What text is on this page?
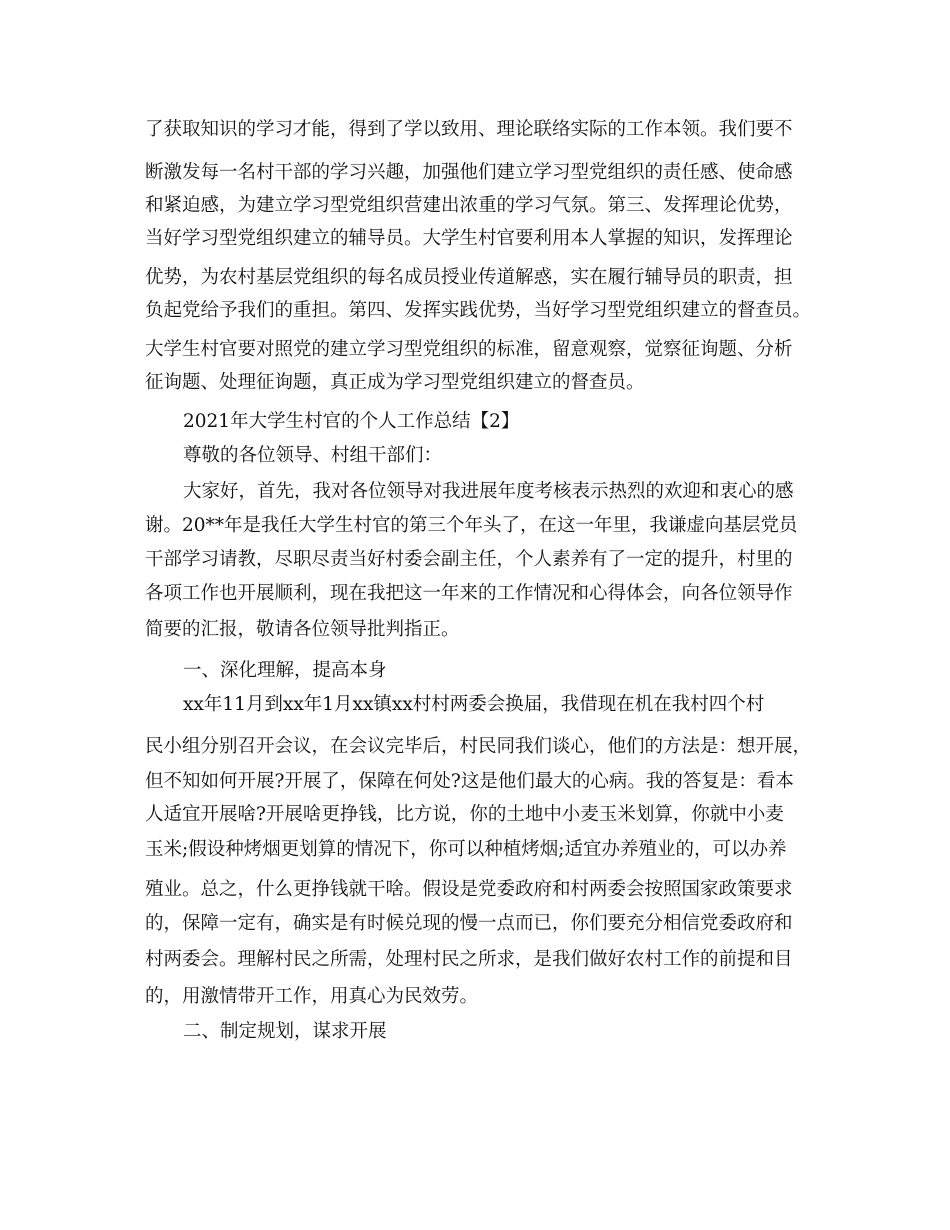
了获取知识的学习才能，得到了学以致用、理论联络实际的工作本领。我们要不
断激发每一名村干部的学习兴趣，加强他们建立学习型党组织的责任感、使命感
和紧迫感，为建立学习型党组织营建出浓重的学习气氛。第三、发挥理论优势，
当好学习型党组织建立的辅导员。大学生村官要利用本人掌握的知识，发挥理论
优势，为农村基层党组织的每名成员授业传道解惑，实在履行辅导员的职责，担
负起党给予我们的重担。第四、发挥实践优势，当好学习型党组织建立的督查员。
大学生村官要对照党的建立学习型党组织的标准，留意观察，觉察征询题、分析
征询题、处理征询题，真正成为学习型党组织建立的督查员。
2021年大学生村官的个人工作总结【2】
尊敬的各位领导、村组干部们：
大家好，首先，我对各位领导对我进展年度考核表示热烈的欢迎和衷心的感
谢。20**年是我任大学生村官的第三个年头了，在这一年里，我谦虚向基层党员
干部学习请教，尽职尽责当好村委会副主任，个人素养有了一定的提升，村里的
各项工作也开展顺利，现在我把这一年来的工作情况和心得体会，向各位领导作
简要的汇报，敬请各位领导批判指正。
一、深化理解，提高本身
xx年11月到xx年1月xx镇xx村村两委会换届，我借现在机在我村四个村
民小组分别召开会议，在会议完毕后，村民同我们谈心，他们的方法是：想开展，
但不知如何开展?开展了，保障在何处?这是他们最大的心病。我的答复是：看本
人适宜开展啥?开展啥更挣钱，比方说，你的土地中小麦玉米划算，你就中小麦
玉米;假设种烤烟更划算的情况下，你可以种植烤烟;适宜办养殖业的，可以办养
殖业。总之，什么更挣钱就干啥。假设是党委政府和村两委会按照国家政策要求
的，保障一定有，确实是有时候兑现的慢一点而已，你们要充分相信党委政府和
村两委会。理解村民之所需，处理村民之所求，是我们做好农村工作的前提和目
的，用激情带开工作，用真心为民效劳。
二、制定规划，谋求开展
